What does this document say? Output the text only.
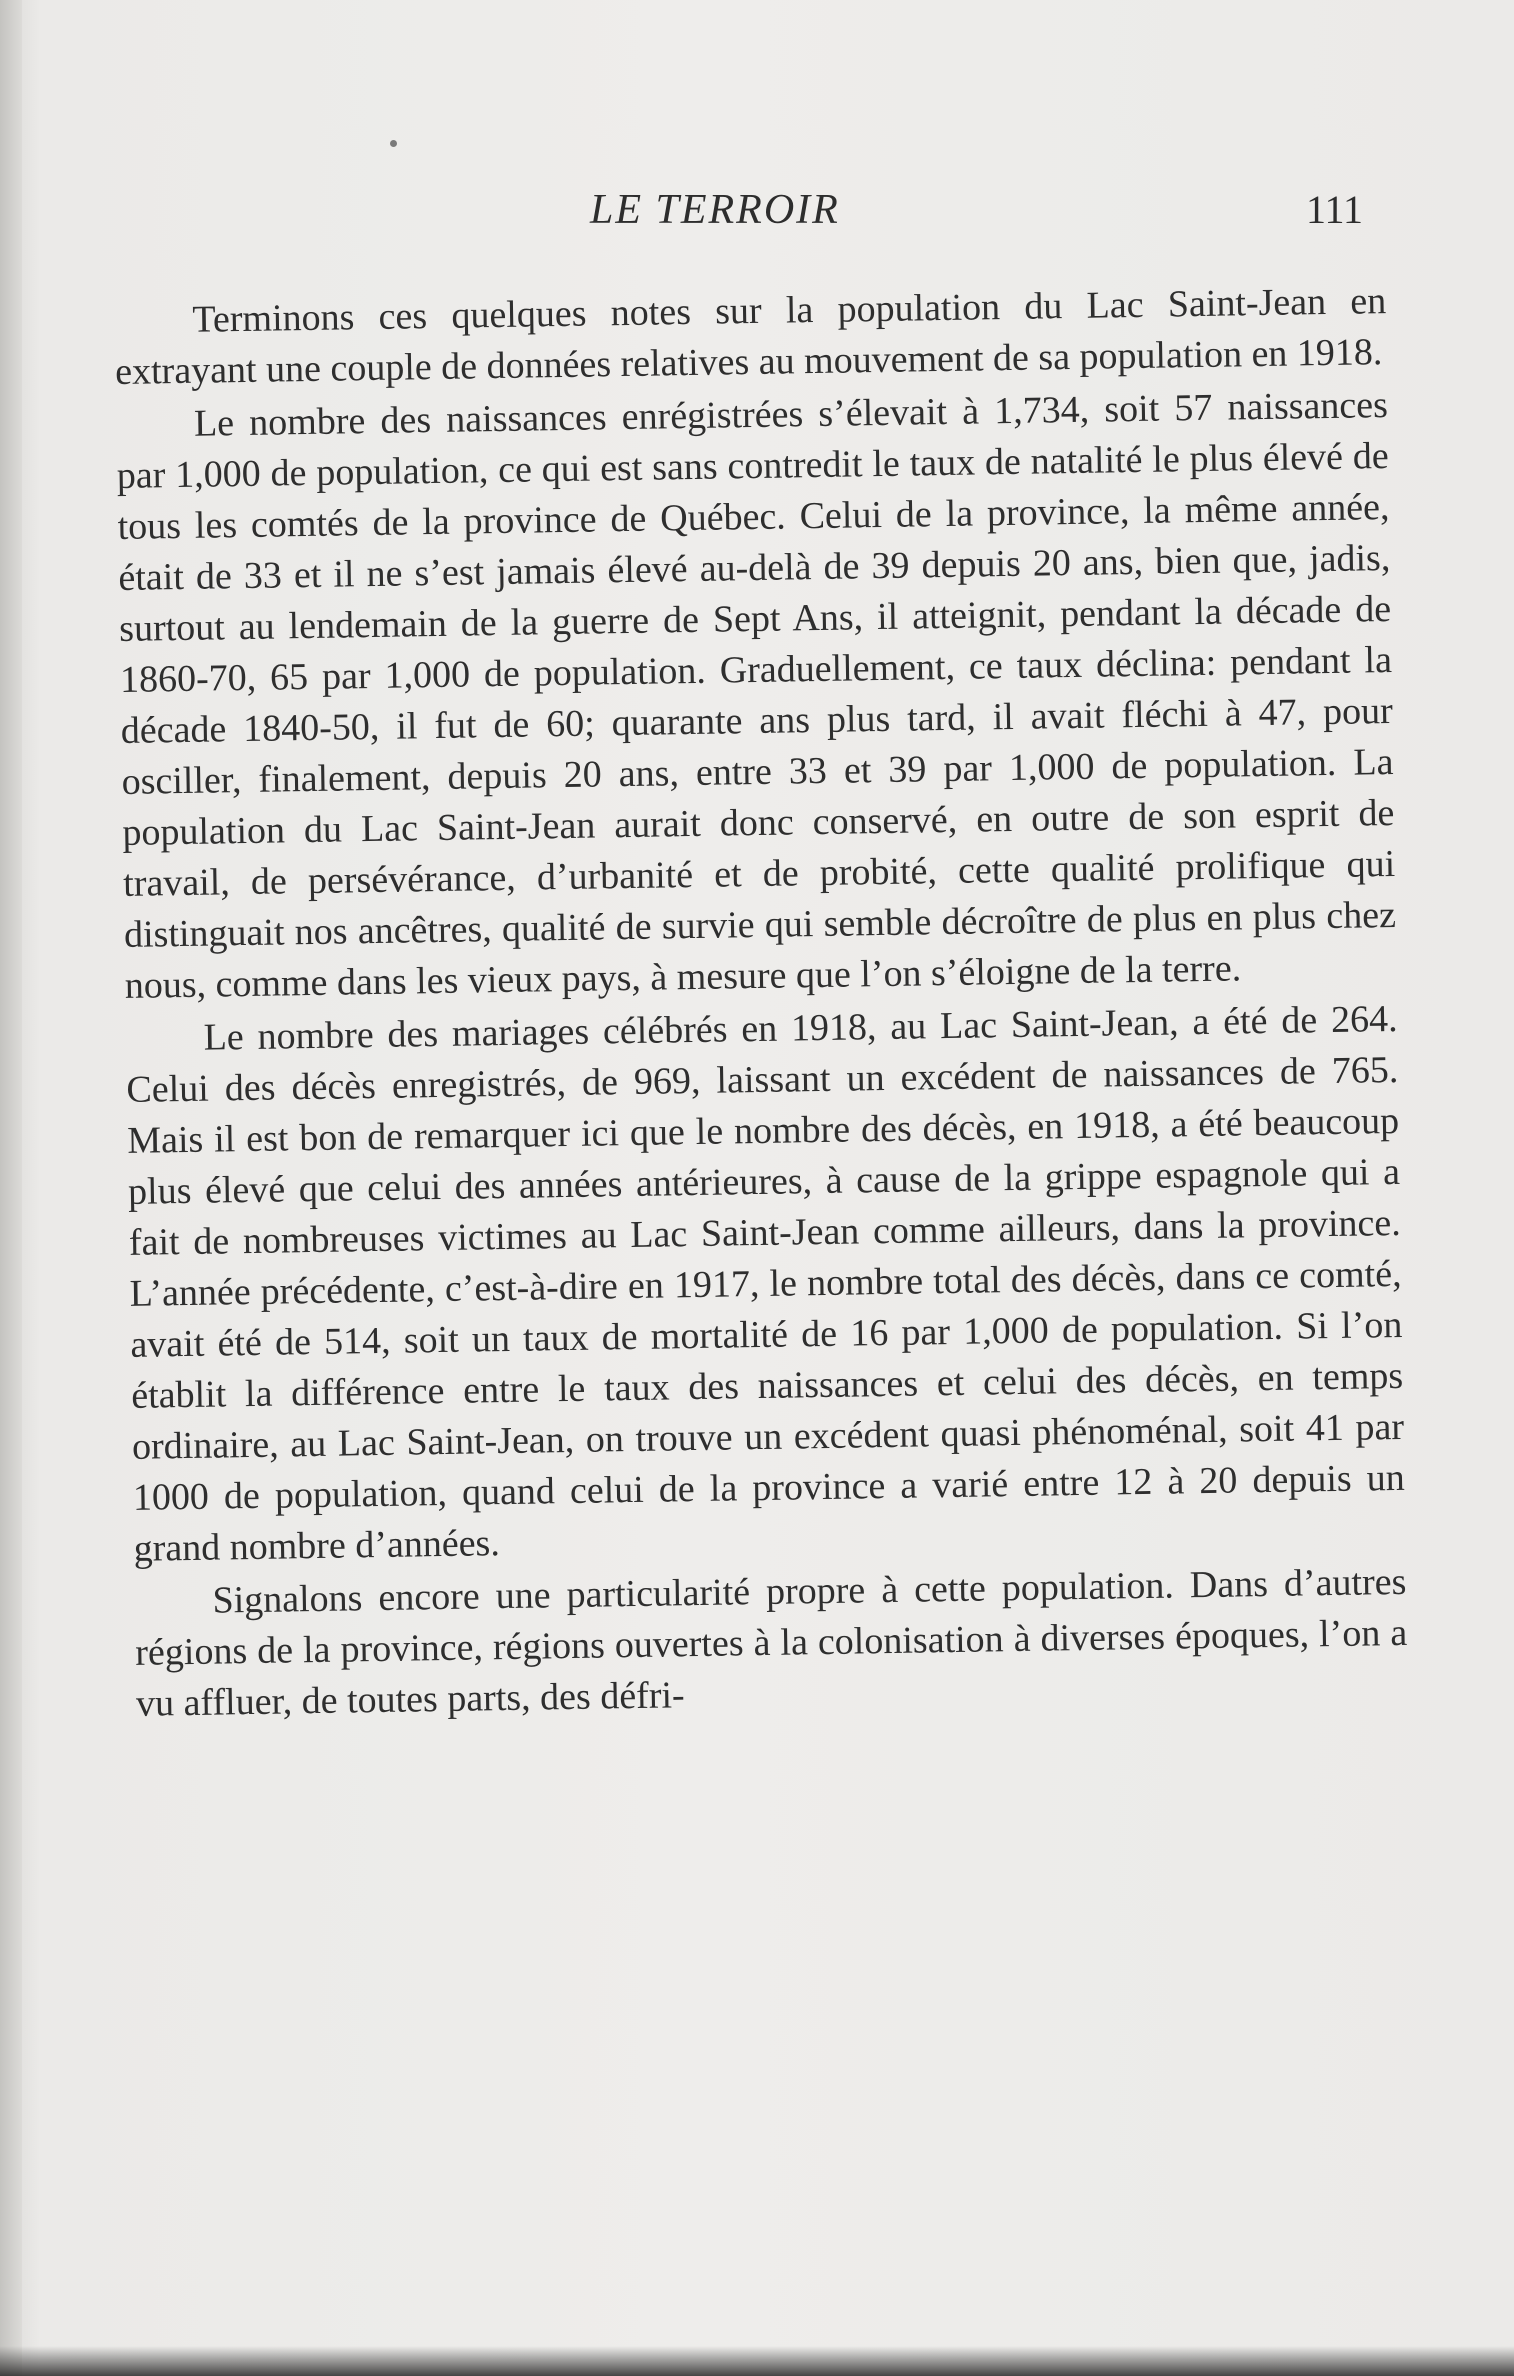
LE TERROIR	111

Terminons ces quelques notes sur la population du Lac Saint-Jean en extrayant une couple de données relatives au mouvement de sa population en 1918.

Le nombre des naissances enrégistrées s’élevait à 1,734, soit 57 naissances par 1,000 de population, ce qui est sans contredit le taux de natalité le plus élevé de tous les comtés de la province de Québec. Celui de la province, la même année, était de 33 et il ne s’est jamais élevé au-delà de 39 depuis 20 ans, bien que, jadis, surtout au lendemain de la guerre de Sept Ans, il atteignit, pendant la décade de 1860-70, 65 par 1,000 de population. Graduellement, ce taux déclina: pendant la décade 1840-50, il fut de 60; quarante ans plus tard, il avait fléchi à 47, pour osciller, finalement, depuis 20 ans, entre 33 et 39 par 1,000 de population. La population du Lac Saint-Jean aurait donc conservé, en outre de son esprit de travail, de persévérance, d’urbanité et de probité, cette qualité prolifique qui distinguait nos ancêtres, qualité de survie qui semble décroître de plus en plus chez nous, comme dans les vieux pays, à mesure que l’on s’éloigne de la terre.

Le nombre des mariages célébrés en 1918, au Lac Saint-Jean, a été de 264. Celui des décès enregistrés, de 969, laissant un excédent de naissances de 765. Mais il est bon de remarquer ici que le nombre des décès, en 1918, a été beaucoup plus élevé que celui des années antérieures, à cause de la grippe espagnole qui a fait de nombreuses victimes au Lac Saint-Jean comme ailleurs, dans la province. L’année précédente, c’est-à-dire en 1917, le nombre total des décès, dans ce comté, avait été de 514, soit un taux de mortalité de 16 par 1,000 de population. Si l’on établit la différence entre le taux des naissances et celui des décès, en temps ordinaire, au Lac Saint-Jean, on trouve un excédent quasi phénoménal, soit 41 par 1000 de population, quand celui de la province a varié entre 12 à 20 depuis un grand nombre d’années.

Signalons encore une particularité propre à cette population. Dans d’autres régions de la province, régions ouvertes à la colonisation à diverses époques, l’on a vu affluer, de toutes parts, des défri-
